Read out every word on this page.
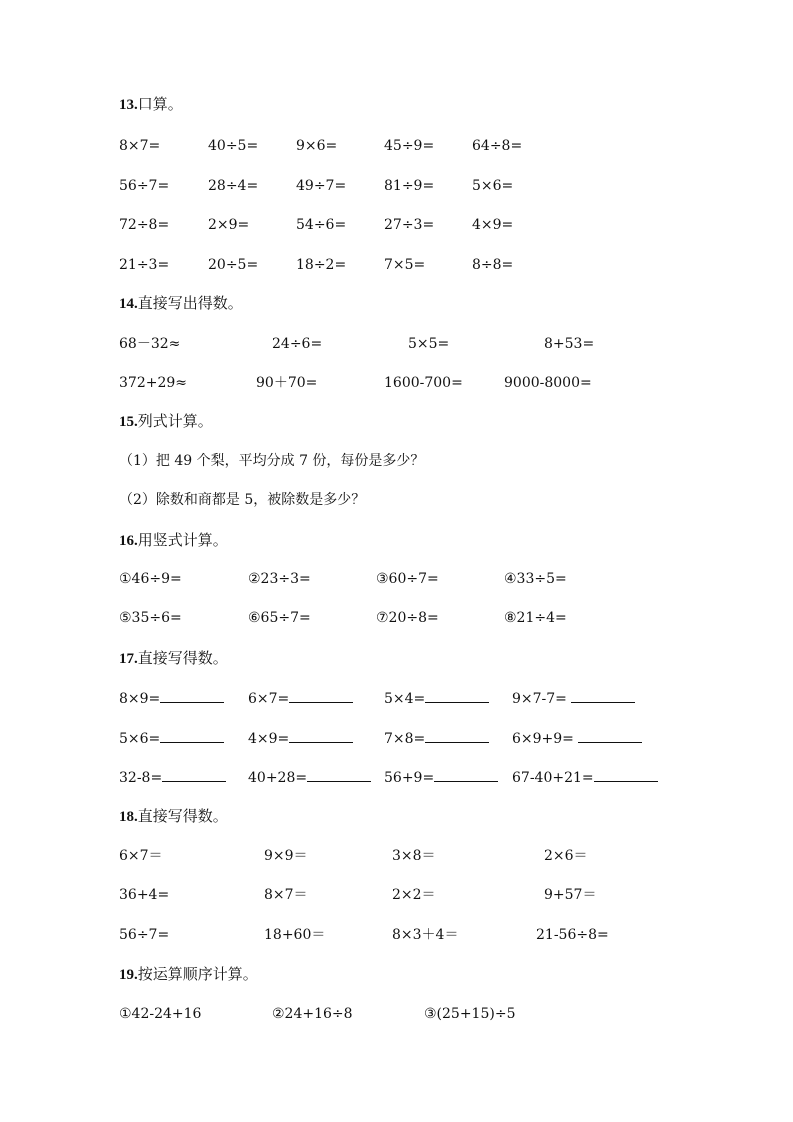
13.口算。
8×7=	40÷5=	9×6=	45÷9=	64÷8=
56÷7=	28÷4=	49÷7=	81÷9=	5×6=
72÷8=	2×9=	54÷6=	27÷3=	4×9=
21÷3=	20÷5=	18÷2=	7×5=	8÷8=
14.直接写出得数。
68－32≈	24÷6=	5×5=	8+53=
372+29≈	90＋70=	1600-700=	9000-8000=
15.列式计算。
（1）把 49 个梨，平均分成 7 份，每份是多少？
（2）除数和商都是 5，被除数是多少？
16.用竖式计算。
①46÷9=	②23÷3=	③60÷7=	④33÷5=
⑤35÷6=	⑥65÷7=	⑦20÷8=	⑧21÷4=
17.直接写得数。
8×9=	6×7=	5×4=	9×7-7=
5×6=	4×9=	7×8=	6×9+9=
32-8=	40+28=	56+9=	67-40+21=
18.直接写得数。
6×7＝	9×9＝	3×8＝	2×6＝
36+4=	8×7＝	2×2＝	9+57＝
56÷7=	18+60＝	8×3＋4＝	21-56÷8=
19.按运算顺序计算。
①42-24+16	②24+16÷8	③(25+15)÷5
